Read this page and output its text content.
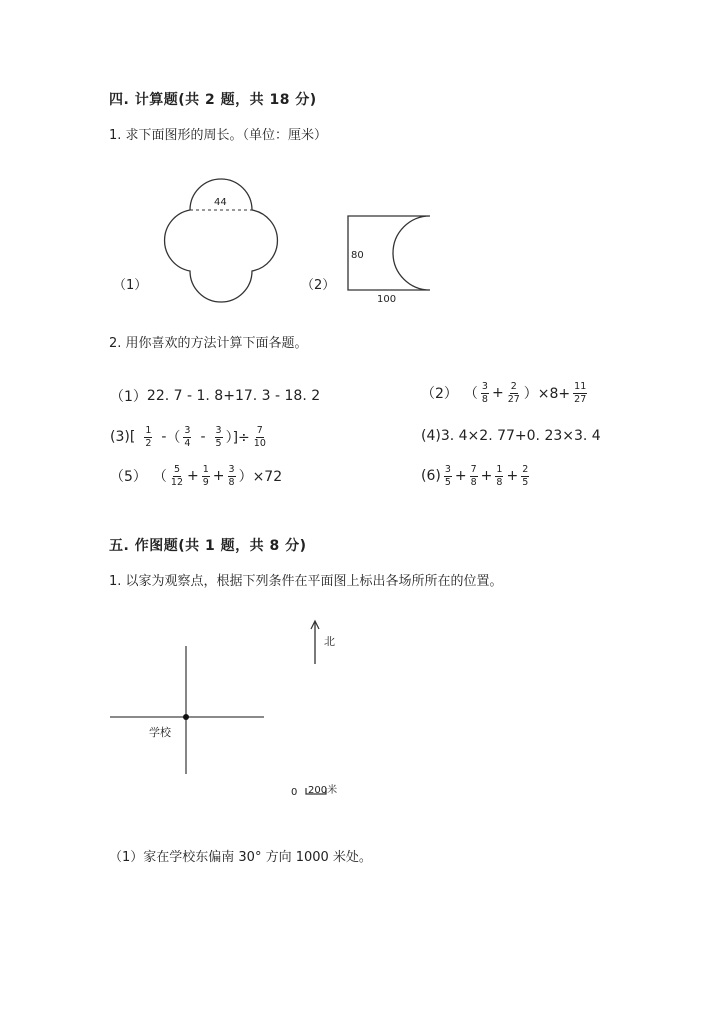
四. 计算题(共 2 题，共 18 分)
1. 求下面图形的周长。（单位：厘米）
（1）
44
（2）
80
100
2. 用你喜欢的方法计算下面各题。
（1） 22. 7 - 1. 8+17. 3 - 18. 2	（2） （ $\frac{3}{8} + \frac{2}{27} )\times 8+ \frac{11}{27}$
(3) [ $\frac{1}{2}$ - （ $\frac{3}{4} - \frac{3}{5}$ ）]÷ $\frac{7}{10}$	(4) 3. 4×2. 77+0. 23×3. 4
（5） （ $\frac{5}{12} + \frac{1}{9} + \frac{3}{8} )\times 72$	$(6) \frac{3}{5} + \frac{7}{8} + \frac{1}{8} + \frac{2}{5}$
五. 作图题(共 1 题，共 8 分)
1. 以家为观察点，根据下列条件在平面图上标出各场所所在的位置。
学校
北
0 200米
（1）家在学校东偏南 30° 方向 1000 米处。
